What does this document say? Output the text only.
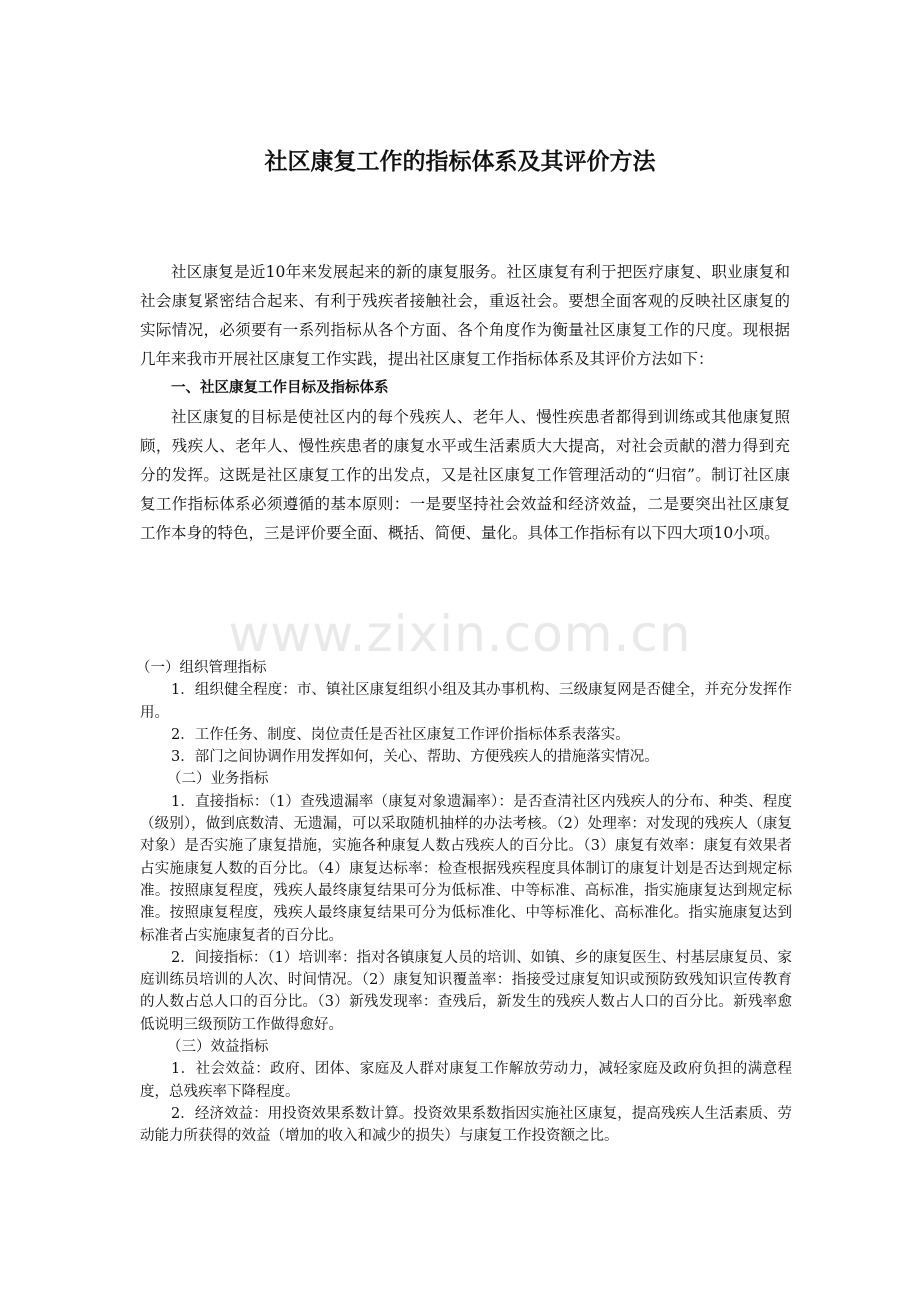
社区康复工作的指标体系及其评价方法

社区康复是近10年来发展起来的新的康复服务。社区康复有利于把医疗康复、职业康复和社会康复紧密结合起来、有利于残疾者接触社会，重返社会。要想全面客观的反映社区康复的实际情况，必须要有一系列指标从各个方面、各个角度作为衡量社区康复工作的尺度。现根据几年来我市开展社区康复工作实践，提出社区康复工作指标体系及其评价方法如下：

一、社区康复工作目标及指标体系

社区康复的目标是使社区内的每个残疾人、老年人、慢性疾患者都得到训练或其他康复照顾，残疾人、老年人、慢性疾患者的康复水平或生活素质大大提高，对社会贡献的潜力得到充分的发挥。这既是社区康复工作的出发点，又是社区康复工作管理活动的“归宿”。制订社区康复工作指标体系必须遵循的基本原则：一是要坚持社会效益和经济效益，二是要突出社区康复工作本身的特色，三是评价要全面、概括、简便、量化。具体工作指标有以下四大项10小项。

www.zixin.com.cn

（一）组织管理指标

1．组织健全程度：市、镇社区康复组织小组及其办事机构、三级康复网是否健全，并充分发挥作用。

2．工作任务、制度、岗位责任是否社区康复工作评价指标体系表落实。

3．部门之间协调作用发挥如何，关心、帮助、方便残疾人的措施落实情况。

（二）业务指标

1．直接指标：（1）查残遗漏率（康复对象遗漏率）：是否查清社区内残疾人的分布、种类、程度（级别），做到底数清、无遗漏，可以采取随机抽样的办法考核。（2）处理率：对发现的残疾人（康复对象）是否实施了康复措施，实施各种康复人数占残疾人的百分比。（3）康复有效率：康复有效果者占实施康复人数的百分比。（4）康复达标率：检查根据残疾程度具体制订的康复计划是否达到规定标准。按照康复程度，残疾人最终康复结果可分为低标准、中等标准、高标准，指实施康复达到规定标准。按照康复程度，残疾人最终康复结果可分为低标准化、中等标准化、高标准化。指实施康复达到标准者占实施康复者的百分比。

2．间接指标：（1）培训率：指对各镇康复人员的培训、如镇、乡的康复医生、村基层康复员、家庭训练员培训的人次、时间情况。（2）康复知识覆盖率：指接受过康复知识或预防致残知识宣传教育的人数占总人口的百分比。（3）新残发现率：查残后，新发生的残疾人数占人口的百分比。新残率愈低说明三级预防工作做得愈好。

（三）效益指标

1．社会效益：政府、团体、家庭及人群对康复工作解放劳动力，减轻家庭及政府负担的满意程度，总残疾率下降程度。

2．经济效益：用投资效果系数计算。投资效果系数指因实施社区康复，提高残疾人生活素质、劳动能力所获得的效益（增加的收入和减少的损失）与康复工作投资额之比。
